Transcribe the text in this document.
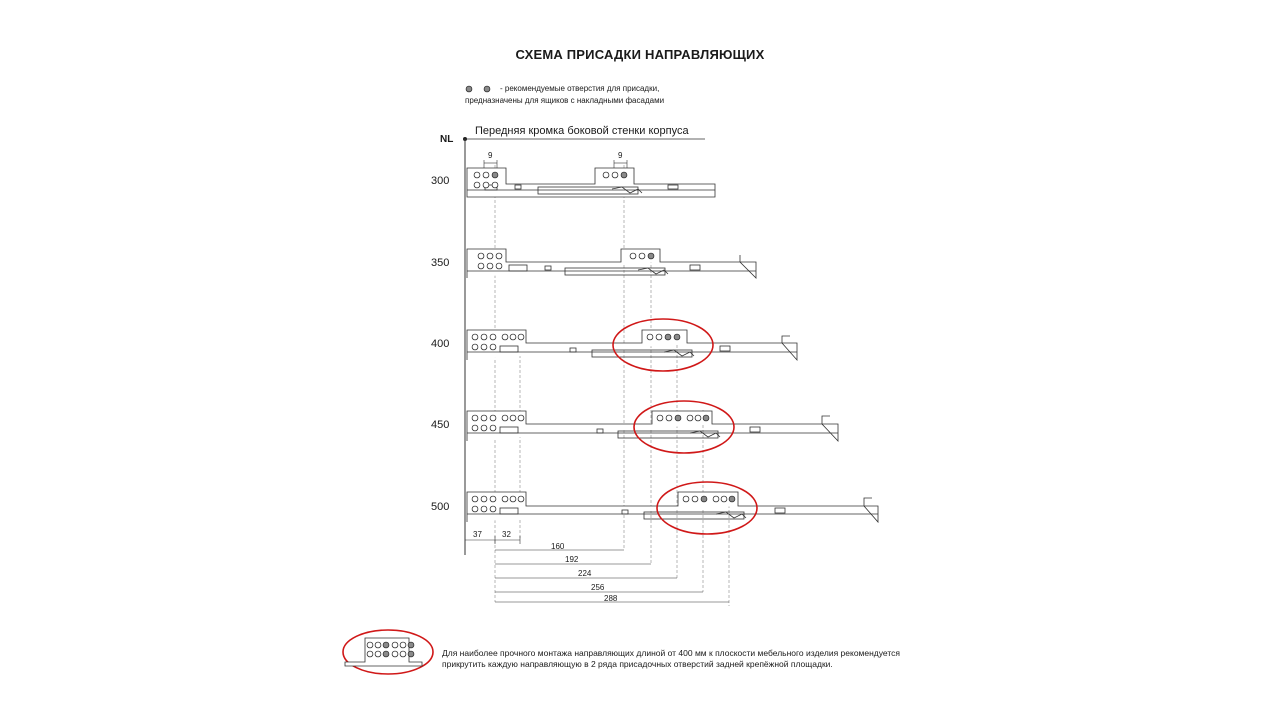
СХЕМА ПРИСАДКИ НАПРАВЛЯЮЩИХ
- рекомендуемые отверстия для присадки,
предназначены для ящиков с накладными фасадами
Передняя кромка боковой стенки корпуса
NL
300
350
400
450
500
9	9
37	32
160
192
224
256
288
Для наиболее прочного монтажа направляющих длиной от 400 мм к плоскости мебельного изделия рекомендуется
прикрутить каждую направляющую в 2 ряда присадочных отверстий задней крепёжной площадки.
